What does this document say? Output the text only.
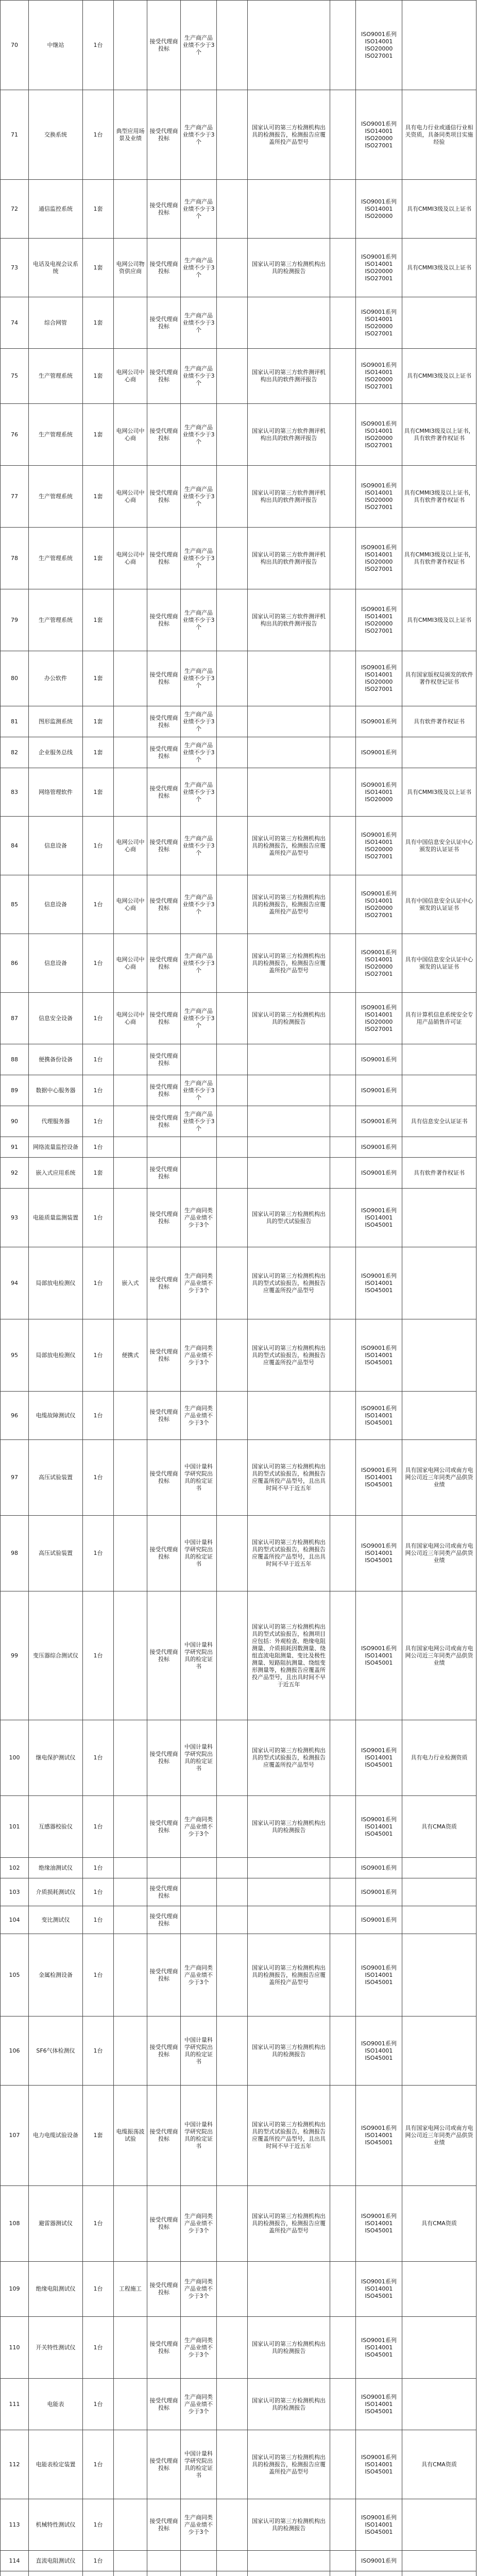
70	中继站	1台		接受代理商投标	生产商产品业绩不少于3个				ISO9001系列
ISO14001
ISO20000
ISO27001	
71	交换系统	1台	典型应用场景及业绩	接受代理商投标	生产商产品业绩不少于3个		国家认可的第三方检测机构出具的检测报告，检测报告应覆盖所投产品型号		ISO9001系列
ISO14001
ISO20000
ISO27001	具有电力行业或通信行业相关资质，具备同类项目实施经验
72	通信监控系统	1套		接受代理商投标	生产商产品业绩不少于3个				ISO9001系列
ISO14001
ISO20000	具有CMMI3级及以上证书
73	电话及电视会议系统	1套	电网公司物资供应商	接受代理商投标	生产商产品业绩不少于3个		国家认可的第三方检测机构出具的检测报告		ISO9001系列
ISO14001
ISO20000
ISO27001	具有CMMI3级及以上证书
74	综合网管	1套		接受代理商投标	生产商产品业绩不少于3个				ISO9001系列
ISO14001
ISO20000
ISO27001	
75	生产管理系统	1套	电网公司中心商	接受代理商投标	生产商产品业绩不少于3个		国家认可的第三方软件测评机构出具的软件测评报告		ISO9001系列
ISO14001
ISO20000
ISO27001	具有CMMI3级及以上证书
76	生产管理系统	1套	电网公司中心商	接受代理商投标	生产商产品业绩不少于3个		国家认可的第三方软件测评机构出具的软件测评报告		ISO9001系列
ISO14001
ISO20000
ISO27001	具有CMMI3级及以上证书，具有软件著作权证书
77	生产管理系统	1套	电网公司中心商	接受代理商投标	生产商产品业绩不少于3个		国家认可的第三方软件测评机构出具的软件测评报告		ISO9001系列
ISO14001
ISO20000
ISO27001	具有CMMI3级及以上证书，具有软件著作权证书
78	生产管理系统	1套	电网公司中心商	接受代理商投标	生产商产品业绩不少于3个		国家认可的第三方软件测评机构出具的软件测评报告		ISO9001系列
ISO14001
ISO20000
ISO27001	具有CMMI3级及以上证书，具有软件著作权证书
79	生产管理系统	1套		接受代理商投标	生产商产品业绩不少于3个		国家认可的第三方软件测评机构出具的软件测评报告		ISO9001系列
ISO14001
ISO20000
ISO27001	具有CMMI3级及以上证书
80	办公软件	1套		接受代理商投标	生产商产品业绩不少于3个				ISO9001系列
ISO14001
ISO20000
ISO27001	具有国家版权局颁发的软件著作权登记证书
81	图形监测系统	1套		接受代理商投标	生产商产品业绩不少于3个				ISO9001系列	具有软件著作权证书
82	企业服务总线	1套		接受代理商投标	生产商产品业绩不少于3个				ISO9001系列	
83	网络管理软件	1套		接受代理商投标	生产商产品业绩不少于3个				ISO9001系列
ISO14001
ISO20000	具有CMMI3级及以上证书
84	信息设备	1台	电网公司中心商	接受代理商投标	生产商产品业绩不少于3个		国家认可的第三方检测机构出具的检测报告，检测报告应覆盖所投产品型号		ISO9001系列
ISO14001
ISO20000
ISO27001	具有中国信息安全认证中心颁发的认证证书
85	信息设备	1台	电网公司中心商	接受代理商投标	生产商产品业绩不少于3个		国家认可的第三方检测机构出具的检测报告，检测报告应覆盖所投产品型号		ISO9001系列
ISO14001
ISO20000
ISO27001	具有中国信息安全认证中心颁发的认证证书
86	信息设备	1台	电网公司中心商	接受代理商投标	生产商产品业绩不少于3个		国家认可的第三方检测机构出具的检测报告，检测报告应覆盖所投产品型号		ISO9001系列
ISO14001
ISO20000
ISO27001	具有中国信息安全认证中心颁发的认证证书
87	信息安全设备	1台	电网公司中心商	接受代理商投标	生产商产品业绩不少于3个		国家认可的第三方检测机构出具的检测报告		ISO9001系列
ISO14001
ISO20000
ISO27001	具有计算机信息系统安全专用产品销售许可证
88	便携备份设备	1台		接受代理商投标					ISO9001系列	
89	数据中心服务器	1台		接受代理商投标	生产商产品业绩不少于3个				ISO9001系列	
90	代理服务器	1台		接受代理商投标	生产商产品业绩不少于3个				ISO9001系列	具有信息安全认证证书
91	网络流量监控设备	1台							ISO9001系列	
92	嵌入式应用系统	1套		接受代理商投标					ISO9001系列	具有软件著作权证书
93	电能质量监测装置	1台		接受代理商投标	生产商同类产品业绩不少于3个		国家认可的第三方检测机构出具的型式试验报告		ISO9001系列
ISO14001
ISO45001	
94	局部放电检测仪	1台	嵌入式	接受代理商投标	生产商同类产品业绩不少于3个		国家认可的第三方检测机构出具的型式试验报告，检测报告应覆盖所投产品型号		ISO9001系列
ISO14001
ISO45001	
95	局部放电检测仪	1台	便携式	接受代理商投标	生产商同类产品业绩不少于3个		国家认可的第三方检测机构出具的型式试验报告，检测报告应覆盖所投产品型号		ISO9001系列
ISO14001
ISO45001	
96	电缆故障测试仪	1台		接受代理商投标	生产商同类产品业绩不少于3个				ISO9001系列
ISO14001
ISO45001	
97	高压试验装置	1台		接受代理商投标	中国计量科学研究院出具的检定证书		国家认可的第三方检测机构出具的型式试验报告，检测报告应覆盖所投产品型号，且出具时间不早于近五年		ISO9001系列
ISO14001
ISO45001	具有国家电网公司或南方电网公司近三年同类产品供货业绩
98	高压试验装置	1台		接受代理商投标	中国计量科学研究院出具的检定证书		国家认可的第三方检测机构出具的型式试验报告，检测报告应覆盖所投产品型号，且出具时间不早于近五年		ISO9001系列
ISO14001
ISO45001	具有国家电网公司或南方电网公司近三年同类产品供货业绩
99	变压器综合测试仪	1台		接受代理商投标	中国计量科学研究院出具的检定证书		国家认可的第三方检测机构出具的型式试验报告，检测项目应包括：外观检查、绝缘电阻测量、介质损耗因数测量、绕组直流电阻测量、变比及极性测量、短路阻抗测量、绕组变形测量等，检测报告应覆盖所投产品型号，且出具时间不早于近五年		ISO9001系列
ISO14001
ISO45001	具有国家电网公司或南方电网公司近三年同类产品供货业绩
100	继电保护测试仪	1台		接受代理商投标	中国计量科学研究院出具的检定证书		国家认可的第三方检测机构出具的型式试验报告，检测报告应覆盖所投产品型号		ISO9001系列
ISO14001
ISO45001	具有电力行业检测资质
101	互感器校验仪	1台		接受代理商投标	生产商同类产品业绩不少于3个		国家认可的第三方检测机构出具的检测报告		ISO9001系列
ISO14001
ISO45001	具有CMA资质
102	绝缘油测试仪	1台							ISO9001系列	
103	介质损耗测试仪	1台		接受代理商投标					ISO9001系列	
104	变比测试仪	1台		接受代理商投标					ISO9001系列	
105	金属检测设备	1台		接受代理商投标	生产商同类产品业绩不少于3个		国家认可的第三方检测机构出具的检测报告，检测报告应覆盖所投产品型号		ISO9001系列
ISO14001
ISO45001	
106	SF6气体检测仪	1台		接受代理商投标	中国计量科学研究院出具的检定证书		国家认可的第三方检测机构出具的检测报告		ISO9001系列
ISO14001
ISO45001	
107	电力电缆试验设备	1套	电缆振荡波试验	接受代理商投标	中国计量科学研究院出具的检定证书		国家认可的第三方检测机构出具的型式试验报告，检测报告应覆盖所投产品型号，且出具时间不早于近五年		ISO9001系列
ISO14001
ISO45001	具有国家电网公司或南方电网公司近三年同类产品供货业绩
108	避雷器测试仪	1台		接受代理商投标	生产商同类产品业绩不少于3个		国家认可的第三方检测机构出具的检测报告，检测报告应覆盖所投产品型号		ISO9001系列
ISO14001
ISO45001	具有CMA资质
109	绝缘电阻测试仪	1台	工程施工	接受代理商投标	生产商同类产品业绩不少于3个				ISO9001系列
ISO14001
ISO45001	
110	开关特性测试仪	1台		接受代理商投标	生产商同类产品业绩不少于3个		国家认可的第三方检测机构出具的检测报告		ISO9001系列
ISO14001
ISO45001	
111	电能表	1台		接受代理商投标	生产商同类产品业绩不少于3个		国家认可的第三方检测机构出具的检测报告		ISO9001系列
ISO14001
ISO45001	
112	电能表检定装置	1台		接受代理商投标	中国计量科学研究院出具的检定证书		国家认可的第三方检测机构出具的检测报告，检测报告应覆盖所投产品型号		ISO9001系列
ISO14001
ISO45001	具有CMA资质
113	机械特性测试仪	1台		接受代理商投标	生产商同类产品业绩不少于3个		国家认可的第三方检测机构出具的检测报告		ISO9001系列
ISO14001
ISO45001	
114	直流电阻测试仪	1台							ISO9001系列	
